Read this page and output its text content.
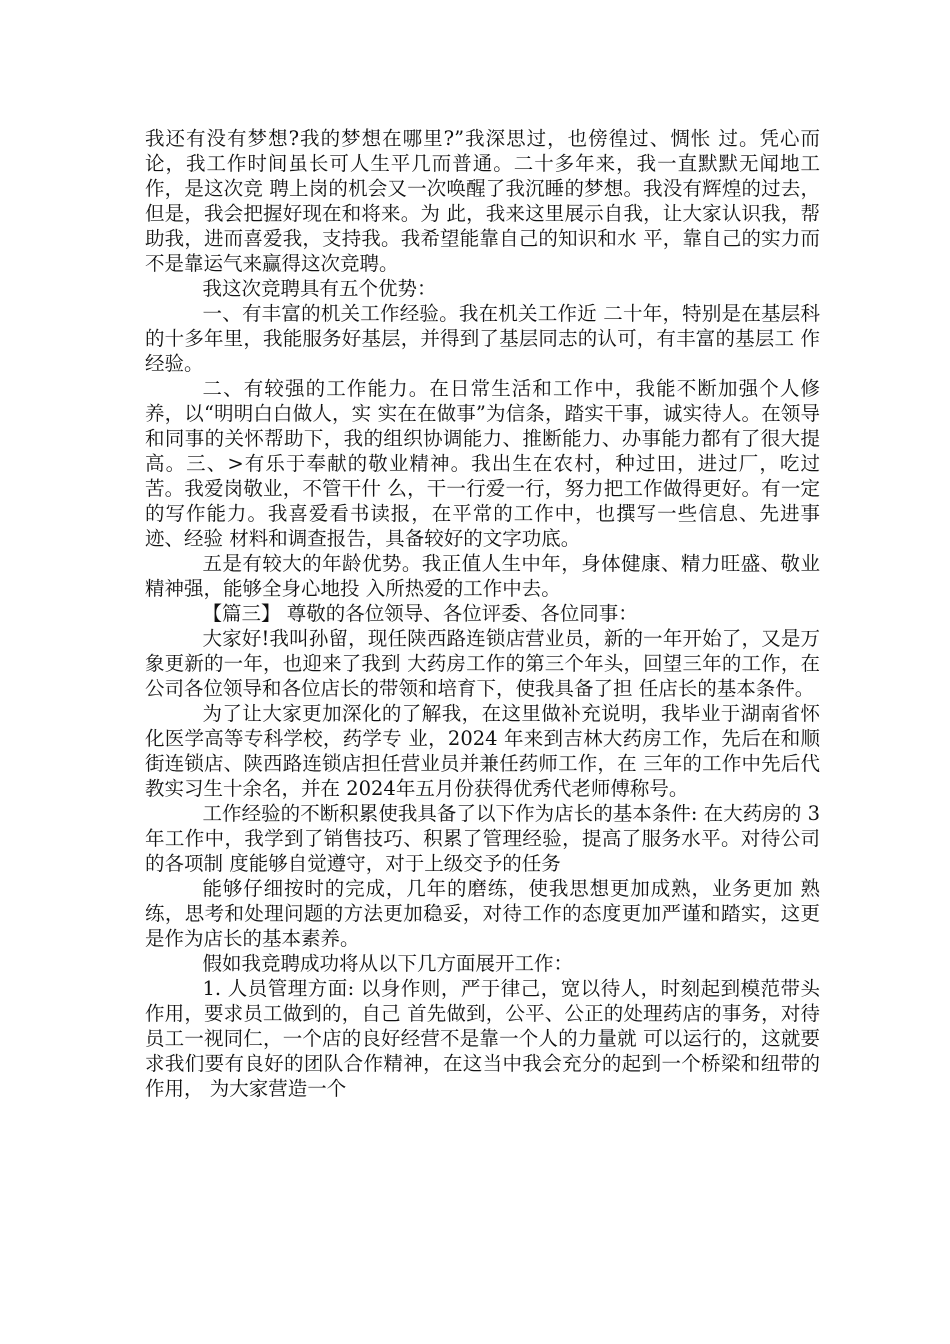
我还有没有梦想?我的梦想在哪里?”我深思过，也傍徨过、惆怅 过。凭心而论，我工作时间虽长可人生平几而普通。二十多年来，我一直默默无闻地工作，是这次竞 聘上岗的机会又一次唤醒了我沉睡的梦想。我没有辉煌的过去，但是，我会把握好现在和将来。为 此，我来这里展示自我，让大家认识我，帮助我，进而喜爱我，支持我。我希望能靠自己的知识和水 平，靠自己的实力而不是靠运气来赢得这次竞聘。

我这次竞聘具有五个优势：

一、有丰富的机关工作经验。我在机关工作近 二十年，特别是在基层科的十多年里，我能服务好基层，并得到了基层同志的认可，有丰富的基层工 作经验。

二、有较强的工作能力。在日常生活和工作中，我能不断加强个人修养，以“明明白白做人，实 实在在做事”为信条，踏实干事，诚实待人。在领导和同事的关怀帮助下，我的组织协调能力、推断能力、办事能力都有了很大提高。三、>有乐于奉献的敬业精神。我出生在农村，种过田，进过厂，吃过苦。我爱岗敬业，不管干什 么，干一行爱一行，努力把工作做得更好。有一定的写作能力。我喜爱看书读报，在平常的工作中，也撰写一些信息、先进事迹、经验 材料和调查报告，具备较好的文字功底。

五是有较大的年龄优势。我正值人生中年，身体健康、精力旺盛、敬业精神强，能够全身心地投 入所热爱的工作中去。

【篇三】 尊敬的各位领导、各位评委、各位同事：

大家好!我叫孙留，现任陕西路连锁店营业员，新的一年开始了，又是万象更新的一年，也迎来了我到 大药房工作的第三个年头，回望三年的工作，在公司各位领导和各位店长的带领和培育下，使我具备了担 任店长的基本条件。

为了让大家更加深化的了解我，在这里做补充说明，我毕业于湖南省怀化医学高等专科学校，药学专 业，2024 年来到吉林大药房工作，先后在和顺街连锁店、陕西路连锁店担任营业员并兼任药师工作，在 三年的工作中先后代教实习生十余名，并在 2024年五月份获得优秀代老师傅称号。

工作经验的不断积累使我具备了以下作为店长的基本条件: 在大药房的 3 年工作中，我学到了销售技巧、积累了管理经验，提高了服务水平。对待公司的各项制 度能够自觉遵守，对于上级交予的任务

能够仔细按时的完成，几年的磨练，使我思想更加成熟，业务更加 熟练，思考和处理问题的方法更加稳妥，对待工作的态度更加严谨和踏实，这更是作为店长的基本素养。

假如我竞聘成功将从以下几方面展开工作：

1. 人员管理方面: 以身作则，严于律己，宽以待人，时刻起到模范带头作用，要求员工做到的，自己 首先做到，公平、公正的处理药店的事务，对待员工一视同仁，一个店的良好经营不是靠一个人的力量就 可以运行的，这就要求我们要有良好的团队合作精神，在这当中我会充分的起到一个桥梁和纽带的作用， 为大家营造一个
